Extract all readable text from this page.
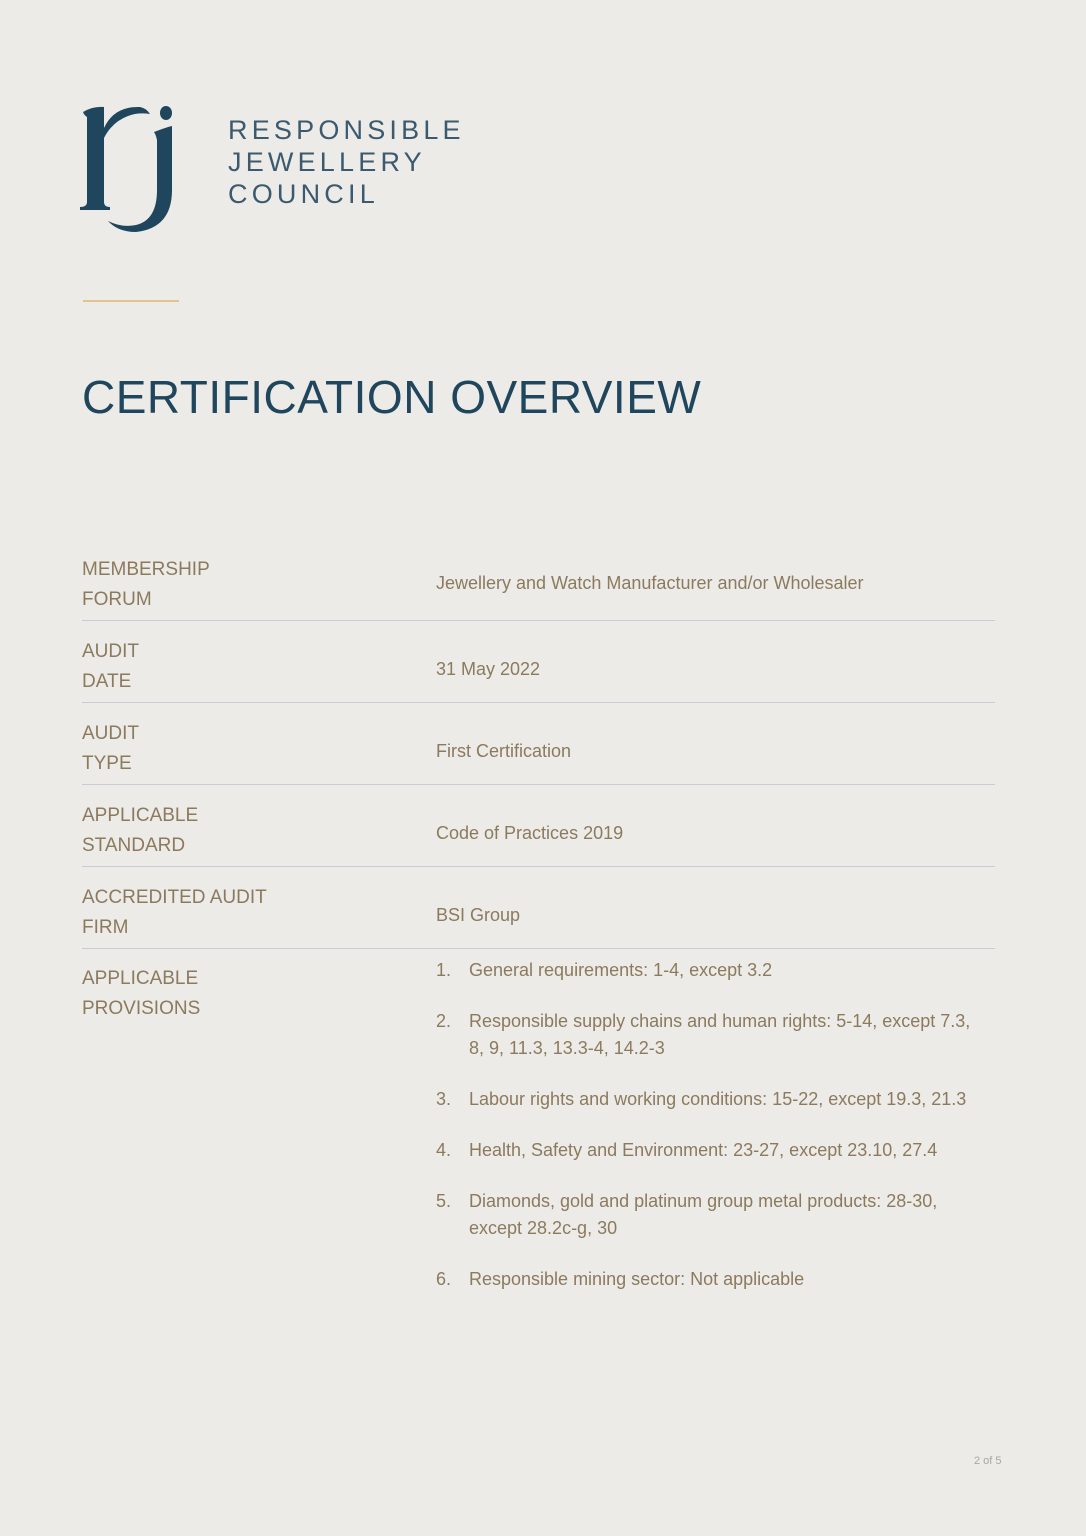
RESPONSIBLE
JEWELLERY
COUNCIL
CERTIFICATION OVERVIEW
MEMBERSHIP
FORUM
Jewellery and Watch Manufacturer and/or Wholesaler
AUDIT
DATE
31 May 2022
AUDIT
TYPE
First Certification
APPLICABLE
STANDARD
Code of Practices 2019
ACCREDITED AUDIT
FIRM
BSI Group
APPLICABLE
PROVISIONS
1. General requirements: 1-4, except 3.2
2. Responsible supply chains and human rights: 5-14, except 7.3, 8, 9, 11.3, 13.3-4, 14.2-3
3. Labour rights and working conditions: 15-22, except 19.3, 21.3
4. Health, Safety and Environment: 23-27, except 23.10, 27.4
5. Diamonds, gold and platinum group metal products: 28-30, except 28.2c-g, 30
6. Responsible mining sector: Not applicable
2 of 5
